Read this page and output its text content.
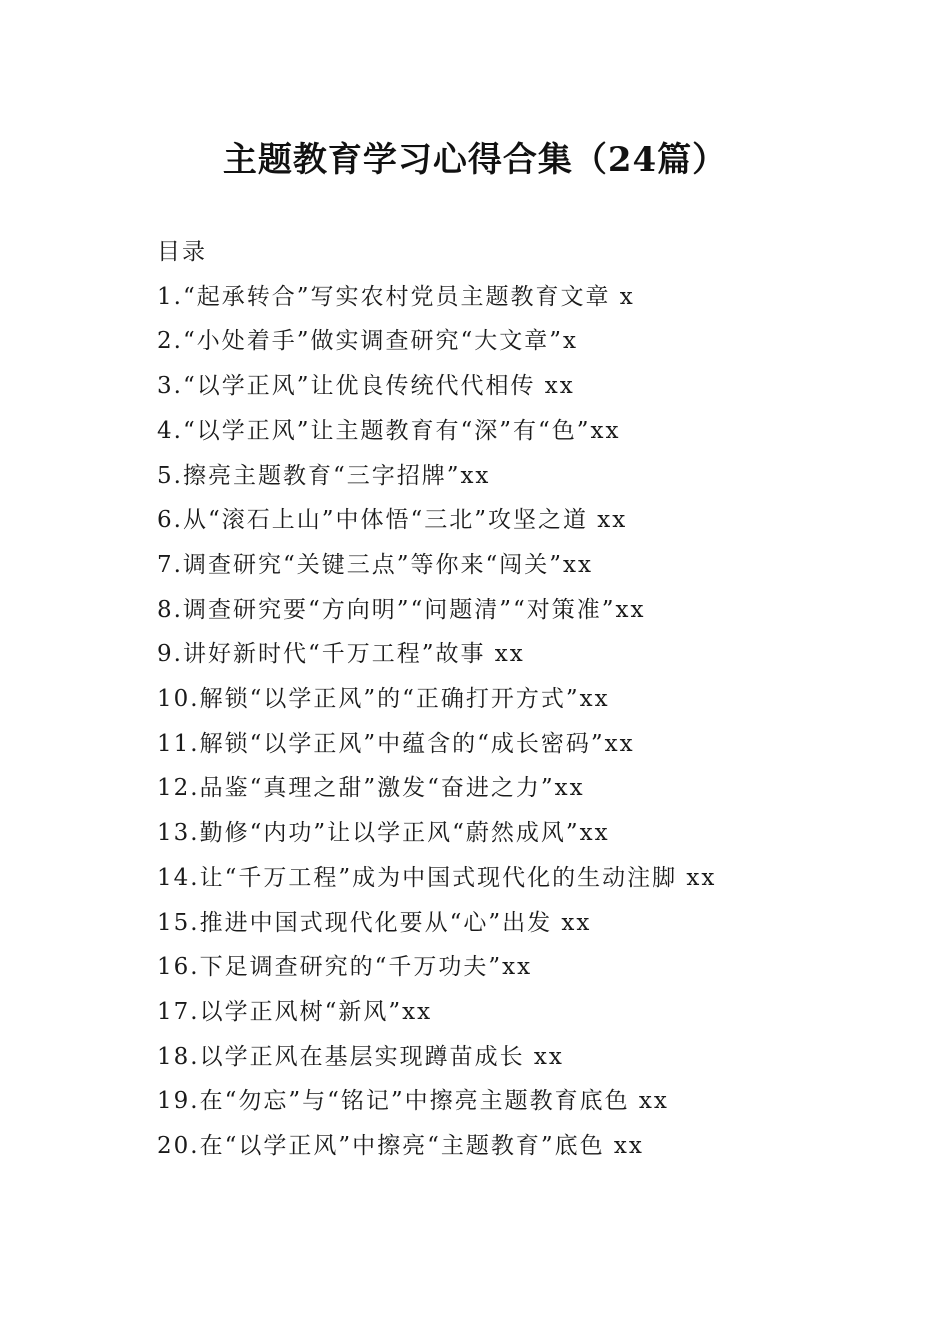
主题教育学习心得合集（24篇）

目录

1.“起承转合”写实农村党员主题教育文章 x
2.“小处着手”做实调查研究“大文章”x
3.“以学正风”让优良传统代代相传 xx
4.“以学正风”让主题教育有“深”有“色”xx
5.擦亮主题教育“三字招牌”xx
6.从“滚石上山”中体悟“三北”攻坚之道 xx
7.调查研究“关键三点”等你来“闯关”xx
8.调查研究要“方向明”“问题清”“对策准”xx
9.讲好新时代“千万工程”故事 xx
10.解锁“以学正风”的“正确打开方式”xx
11.解锁“以学正风”中蕴含的“成长密码”xx
12.品鉴“真理之甜”激发“奋进之力”xx
13.勤修“内功”让以学正风“蔚然成风”xx
14.让“千万工程”成为中国式现代化的生动注脚 xx
15.推进中国式现代化要从“心”出发 xx
16.下足调查研究的“千万功夫”xx
17.以学正风树“新风”xx
18.以学正风在基层实现蹲苗成长 xx
19.在“勿忘”与“铭记”中擦亮主题教育底色 xx
20.在“以学正风”中擦亮“主题教育”底色 xx
